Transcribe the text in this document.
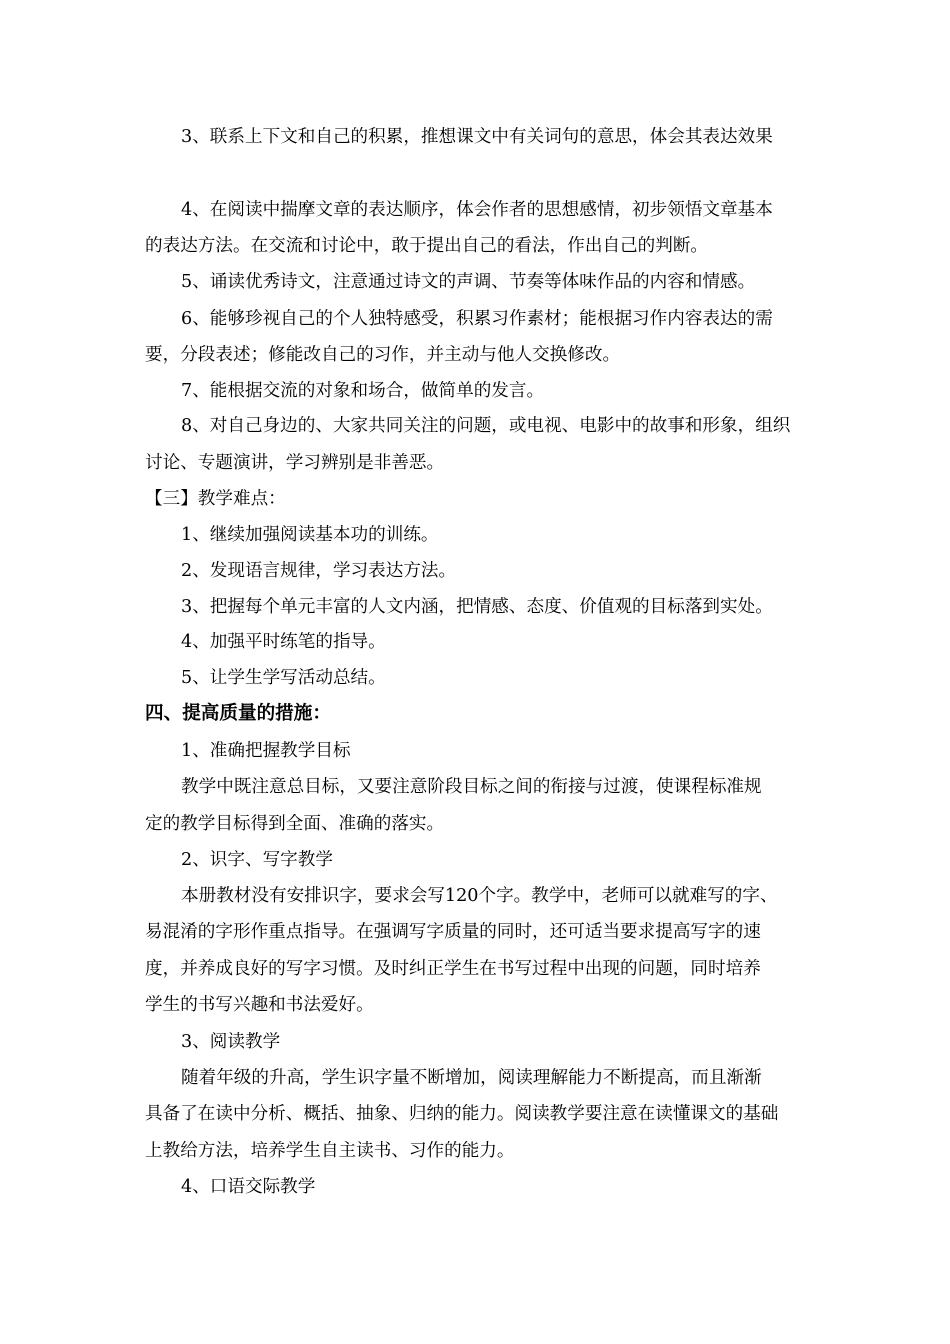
3、联系上下文和自己的积累，推想课文中有关词句的意思，体会其表达效果
4、在阅读中揣摩文章的表达顺序，体会作者的思想感情，初步领悟文章基本
的表达方法。在交流和讨论中，敢于提出自己的看法，作出自己的判断。
5、诵读优秀诗文，注意通过诗文的声调、节奏等体味作品的内容和情感。
6、能够珍视自己的个人独特感受，积累习作素材；能根据习作内容表达的需
要，分段表述；修能改自己的习作，并主动与他人交换修改。
7、能根据交流的对象和场合，做简单的发言。
8、对自己身边的、大家共同关注的问题，或电视、电影中的故事和形象，组织
讨论、专题演讲，学习辨别是非善恶。
【三】教学难点：
1、继续加强阅读基本功的训练。
2、发现语言规律，学习表达方法。
3、把握每个单元丰富的人文内涵，把情感、态度、价值观的目标落到实处。
4、加强平时练笔的指导。
5、让学生学写活动总结。
四、提高质量的措施：
1、准确把握教学目标
教学中既注意总目标，又要注意阶段目标之间的衔接与过渡，使课程标准规
定的教学目标得到全面、准确的落实。
2、识字、写字教学
本册教材没有安排识字，要求会写120个字。教学中，老师可以就难写的字、
易混淆的字形作重点指导。在强调写字质量的同时，还可适当要求提高写字的速
度，并养成良好的写字习惯。及时纠正学生在书写过程中出现的问题，同时培养
学生的书写兴趣和书法爱好。
3、阅读教学
随着年级的升高，学生识字量不断增加，阅读理解能力不断提高，而且渐渐
具备了在读中分析、概括、抽象、归纳的能力。阅读教学要注意在读懂课文的基础
上教给方法，培养学生自主读书、习作的能力。
4、口语交际教学
